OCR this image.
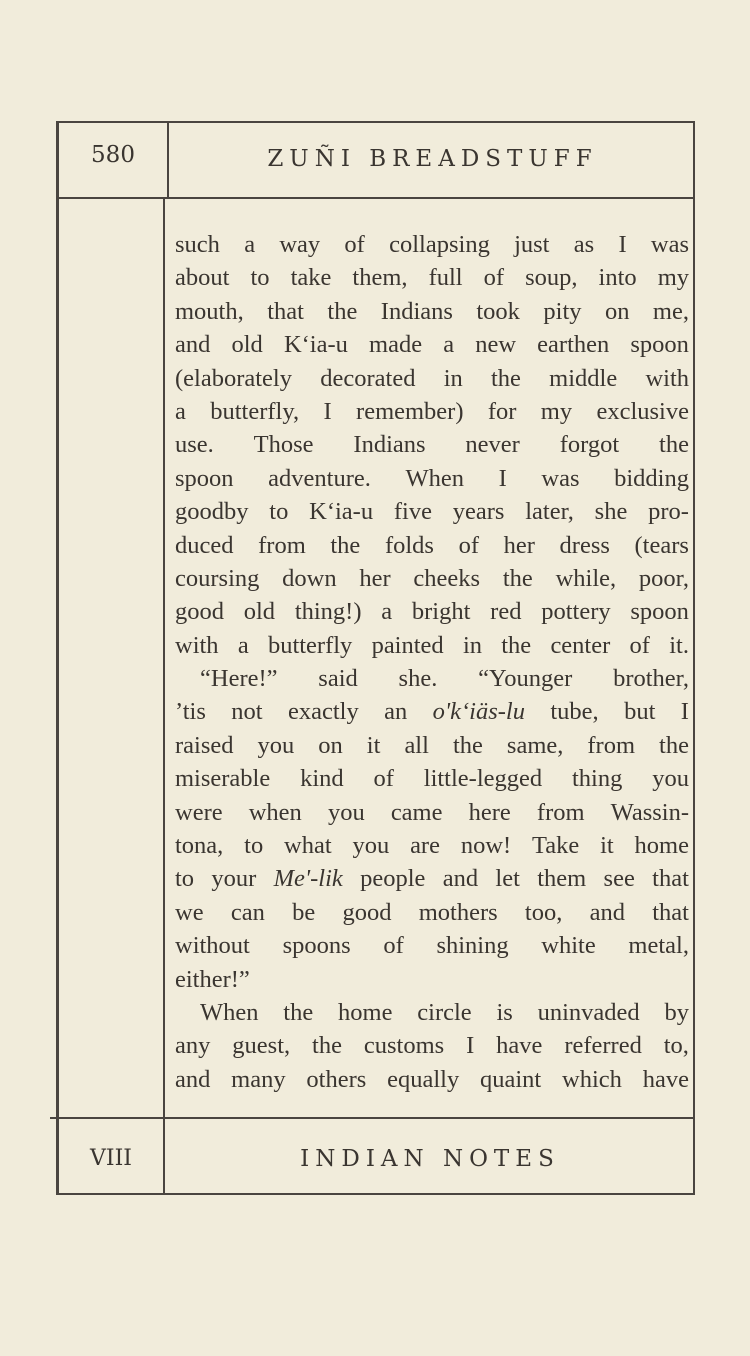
580	ZUÑI BREADSTUFF
such a way of collapsing just as I was
about to take them, full of soup, into my
mouth, that the Indians took pity on me,
and old K‘ia-u made a new earthen spoon
(elaborately decorated in the middle with
a butterfly, I remember) for my exclusive
use. Those Indians never forgot the
spoon adventure. When I was bidding
goodby to K‘ia-u five years later, she pro-
duced from the folds of her dress (tears
coursing down her cheeks the while, poor,
good old thing!) a bright red pottery spoon
with a butterfly painted in the center of it.
“Here!” said she. “Younger brother,
’tis not exactly an o'k‘iäs-lu tube, but I
raised you on it all the same, from the
miserable kind of little-legged thing you
were when you came here from Wassin-
tona, to what you are now! Take it home
to your Me'-lik people and let them see that
we can be good mothers too, and that
without spoons of shining white metal,
either!”
When the home circle is uninvaded by
any guest, the customs I have referred to,
and many others equally quaint which have
VIII	INDIAN NOTES
